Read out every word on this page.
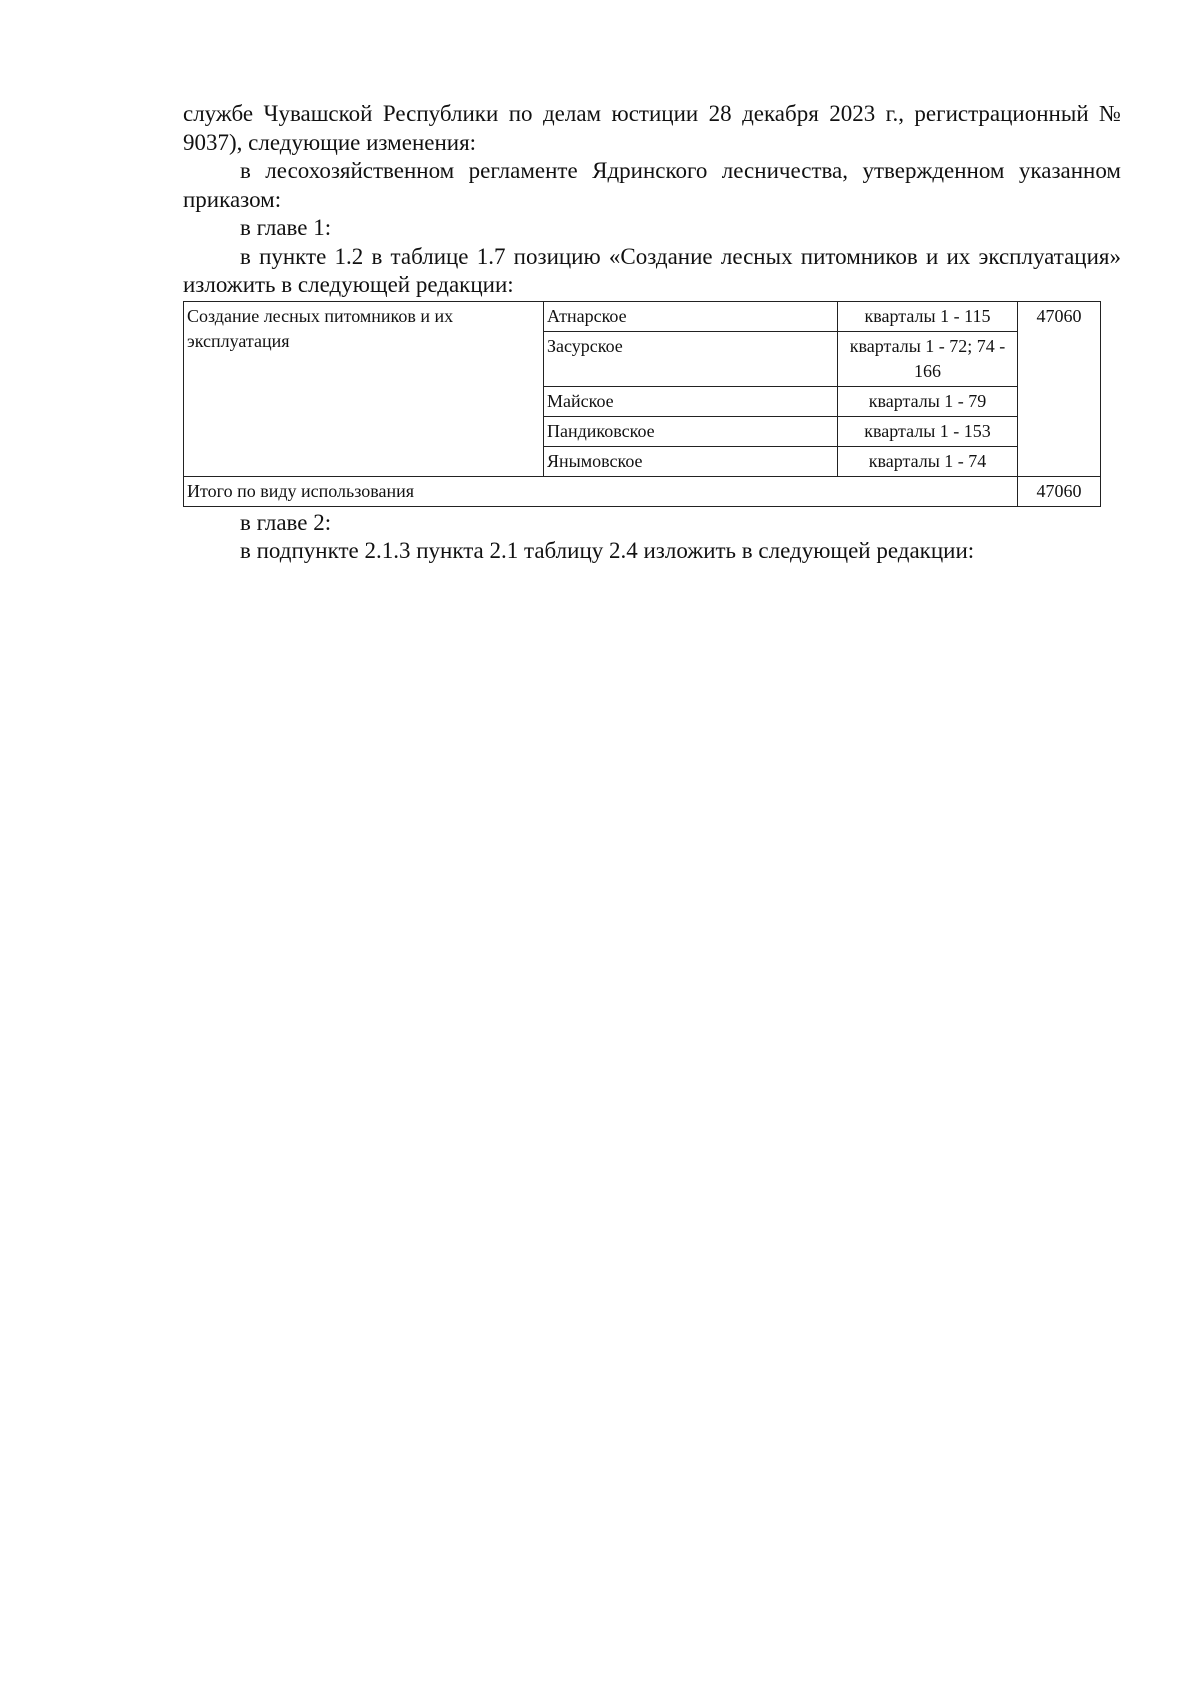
службе Чувашской Республики по делам юстиции 28 декабря 2023 г., регистрационный № 9037), следующие изменения:

в лесохозяйственном регламенте Ядринского лесничества, утвержденном указанном приказом:

в главе 1:

в пункте 1.2 в таблице 1.7 позицию «Создание лесных питомников и их эксплуатация» изложить в следующей редакции:

Создание лесных питомников и их эксплуатация	Атнарское	кварталы 1 - 115	47060
	Засурское	кварталы 1 - 72; 74 - 166	
	Майское	кварталы 1 - 79	
	Пандиковское	кварталы 1 - 153	
	Янымовское	кварталы 1 - 74	
Итого по виду использования			47060

в главе 2:

в подпункте 2.1.3 пункта 2.1 таблицу 2.4 изложить в следующей редакции:
